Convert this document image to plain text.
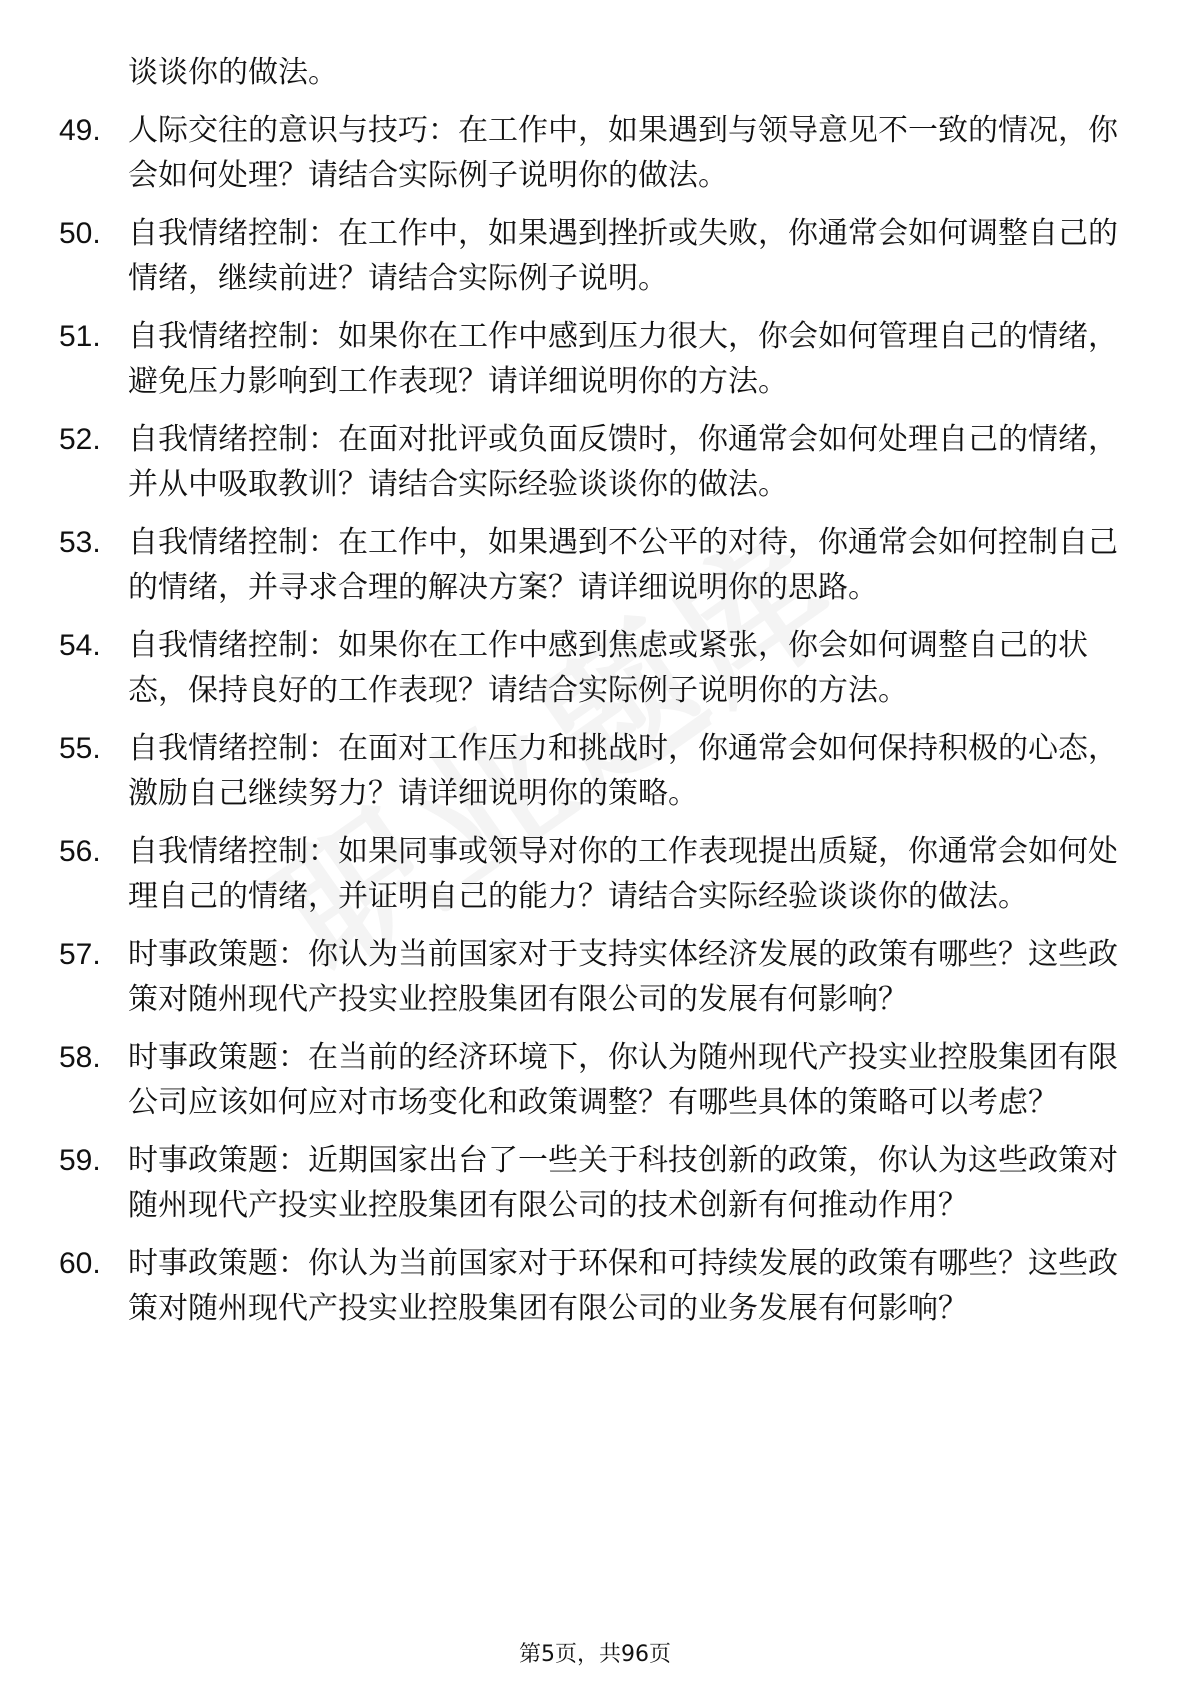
谈谈你的做法。
49. 人际交往的意识与技巧：在工作中，如果遇到与领导意见不一致的情况，你会如何处理？请结合实际例子说明你的做法。
50. 自我情绪控制：在工作中，如果遇到挫折或失败，你通常会如何调整自己的情绪，继续前进？请结合实际例子说明。
51. 自我情绪控制：如果你在工作中感到压力很大，你会如何管理自己的情绪，避免压力影响到工作表现？请详细说明你的方法。
52. 自我情绪控制：在面对批评或负面反馈时，你通常会如何处理自己的情绪，并从中吸取教训？请结合实际经验谈谈你的做法。
53. 自我情绪控制：在工作中，如果遇到不公平的对待，你通常会如何控制自己的情绪，并寻求合理的解决方案？请详细说明你的思路。
54. 自我情绪控制：如果你在工作中感到焦虑或紧张，你会如何调整自己的状态，保持良好的工作表现？请结合实际例子说明你的方法。
55. 自我情绪控制：在面对工作压力和挑战时，你通常会如何保持积极的心态，激励自己继续努力？请详细说明你的策略。
56. 自我情绪控制：如果同事或领导对你的工作表现提出质疑，你通常会如何处理自己的情绪，并证明自己的能力？请结合实际经验谈谈你的做法。
57. 时事政策题：你认为当前国家对于支持实体经济发展的政策有哪些？这些政策对随州现代产投实业控股集团有限公司的发展有何影响？
58. 时事政策题：在当前的经济环境下，你认为随州现代产投实业控股集团有限公司应该如何应对市场变化和政策调整？有哪些具体的策略可以考虑？
59. 时事政策题：近期国家出台了一些关于科技创新的政策，你认为这些政策对随州现代产投实业控股集团有限公司的技术创新有何推动作用？
60. 时事政策题：你认为当前国家对于环保和可持续发展的政策有哪些？这些政策对随州现代产投实业控股集团有限公司的业务发展有何影响？
第5页，共96页
